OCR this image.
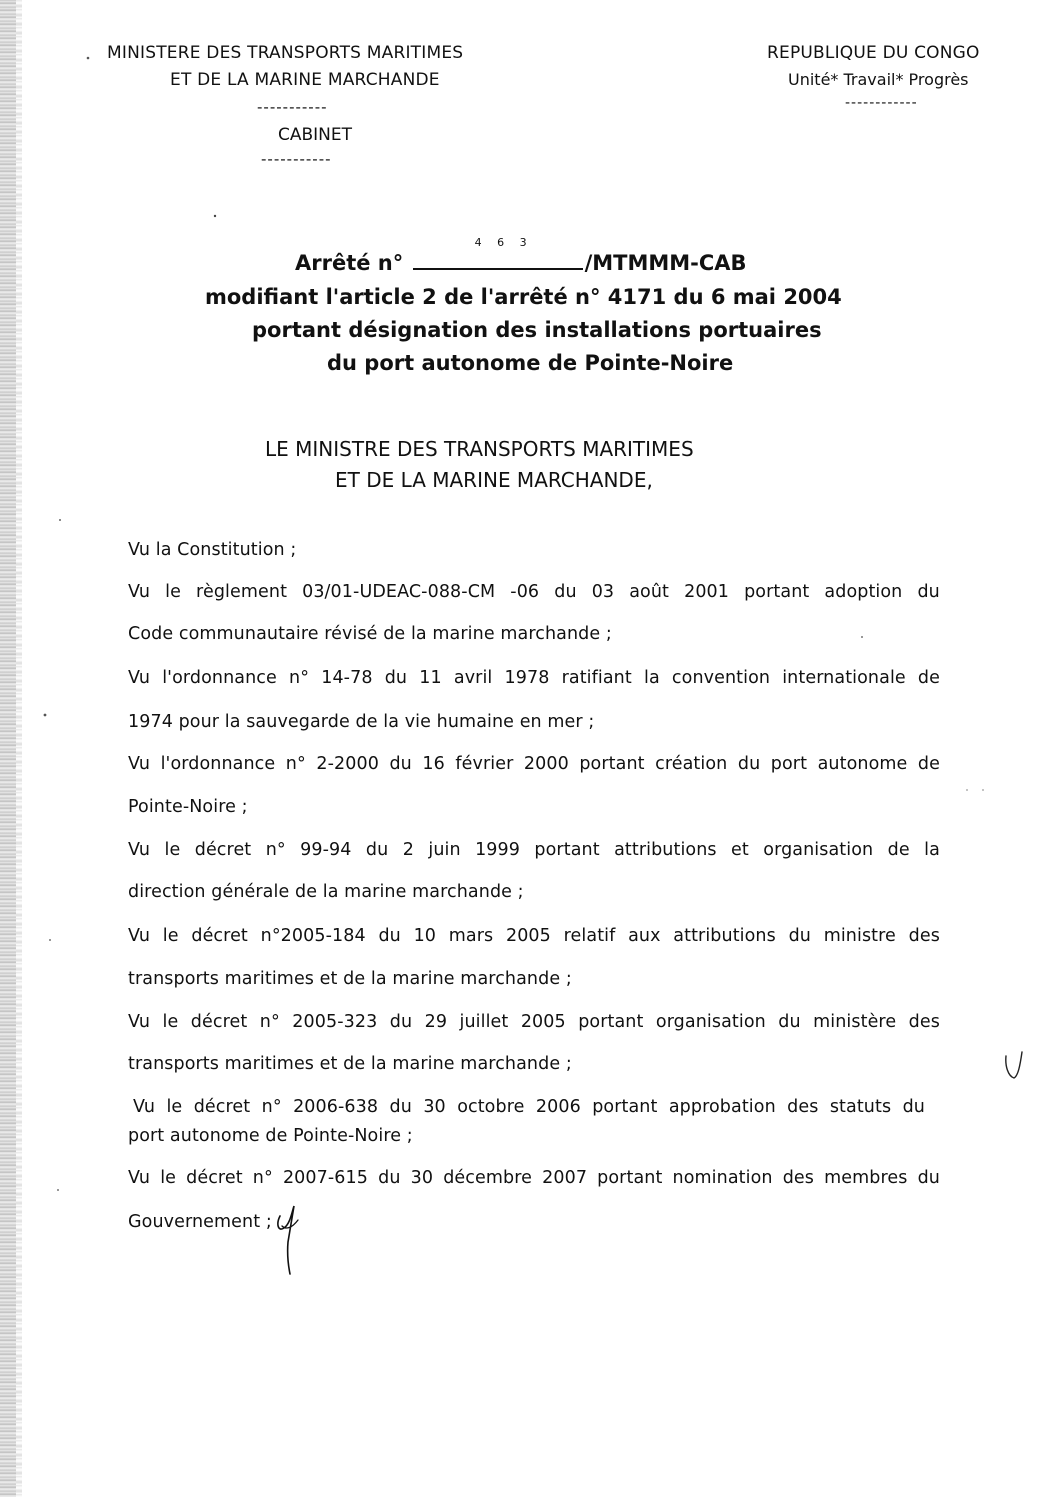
MINISTERE DES TRANSPORTS MARITIMES
ET DE LA MARINE MARCHANDE
-----------
CABINET
-----------
REPUBLIQUE DU CONGO
Unité* Travail* Progrès
------------
Arrêté n°
4 6 3
/MTMMM-CAB
modifiant l'article 2 de l'arrêté n° 4171 du 6 mai 2004
portant désignation des installations portuaires
du port autonome de Pointe-Noire
LE MINISTRE DES TRANSPORTS MARITIMES
ET DE LA MARINE MARCHANDE,
Vu la Constitution ;
Vu le règlement 03/01-UDEAC-088-CM -06 du 03 août 2001 portant adoption du
Code communautaire révisé de la marine marchande ;
Vu l'ordonnance n° 14-78 du 11 avril 1978 ratifiant la convention internationale de
1974 pour la sauvegarde de la vie humaine en mer ;
Vu l'ordonnance n° 2-2000 du 16 février 2000 portant création du port autonome de
Pointe-Noire ;
Vu le décret n° 99-94 du 2 juin 1999 portant attributions et organisation de la
direction générale de la marine marchande ;
Vu le décret n°2005-184 du 10 mars 2005 relatif aux attributions du ministre des
transports maritimes et de la marine marchande ;
Vu le décret n° 2005-323 du 29 juillet 2005 portant organisation du ministère des
transports maritimes et de la marine marchande ;
Vu le décret n° 2006-638 du 30 octobre 2006 portant approbation des statuts du
port autonome de Pointe-Noire ;
Vu le décret n° 2007-615 du 30 décembre 2007 portant nomination des membres du
Gouvernement ;
